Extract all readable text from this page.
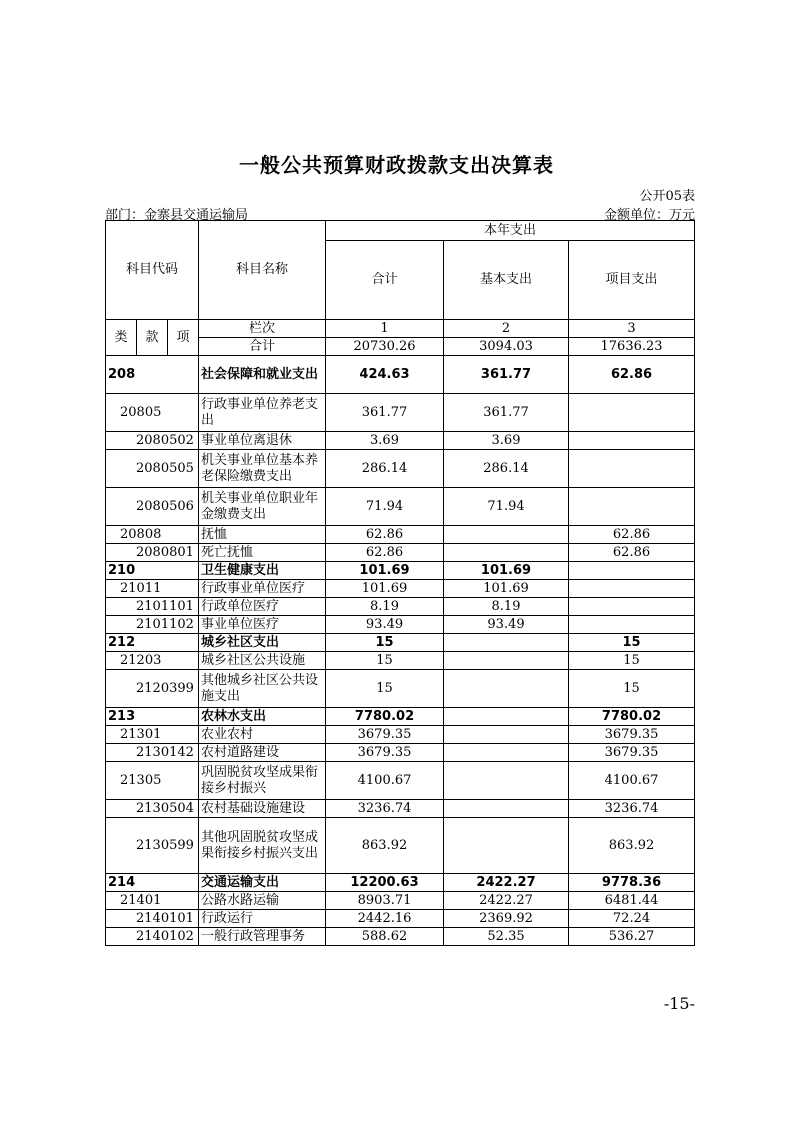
一般公共预算财政拨款支出决算表
公开05表
部门：金寨县交通运输局	金额单位：万元
科目代码			科目名称	本年支出		
				合计	基本支出	项目支出
类	款	项	栏次	1	2	3
			合计	20730.26	3094.03	17636.23
208			社会保障和就业支出	424.63	361.77	62.86
20805			行政事业单位养老支出	361.77	361.77	
2080502			事业单位离退休	3.69	3.69	
2080505			机关事业单位基本养老保险缴费支出	286.14	286.14	
2080506			机关事业单位职业年金缴费支出	71.94	71.94	
20808			抚恤	62.86		62.86
2080801			死亡抚恤	62.86		62.86
210			卫生健康支出	101.69	101.69	
21011			行政事业单位医疗	101.69	101.69	
2101101			行政单位医疗	8.19	8.19	
2101102			事业单位医疗	93.49	93.49	
212			城乡社区支出	15		15
21203			城乡社区公共设施	15		15
2120399			其他城乡社区公共设施支出	15		15
213			农林水支出	7780.02		7780.02
21301			农业农村	3679.35		3679.35
2130142			农村道路建设	3679.35		3679.35
21305			巩固脱贫攻坚成果衔接乡村振兴	4100.67		4100.67
2130504			农村基础设施建设	3236.74		3236.74
2130599			其他巩固脱贫攻坚成果衔接乡村振兴支出	863.92		863.92
214			交通运输支出	12200.63	2422.27	9778.36
21401			公路水路运输	8903.71	2422.27	6481.44
2140101			行政运行	2442.16	2369.92	72.24
2140102			一般行政管理事务	588.62	52.35	536.27
-15-
